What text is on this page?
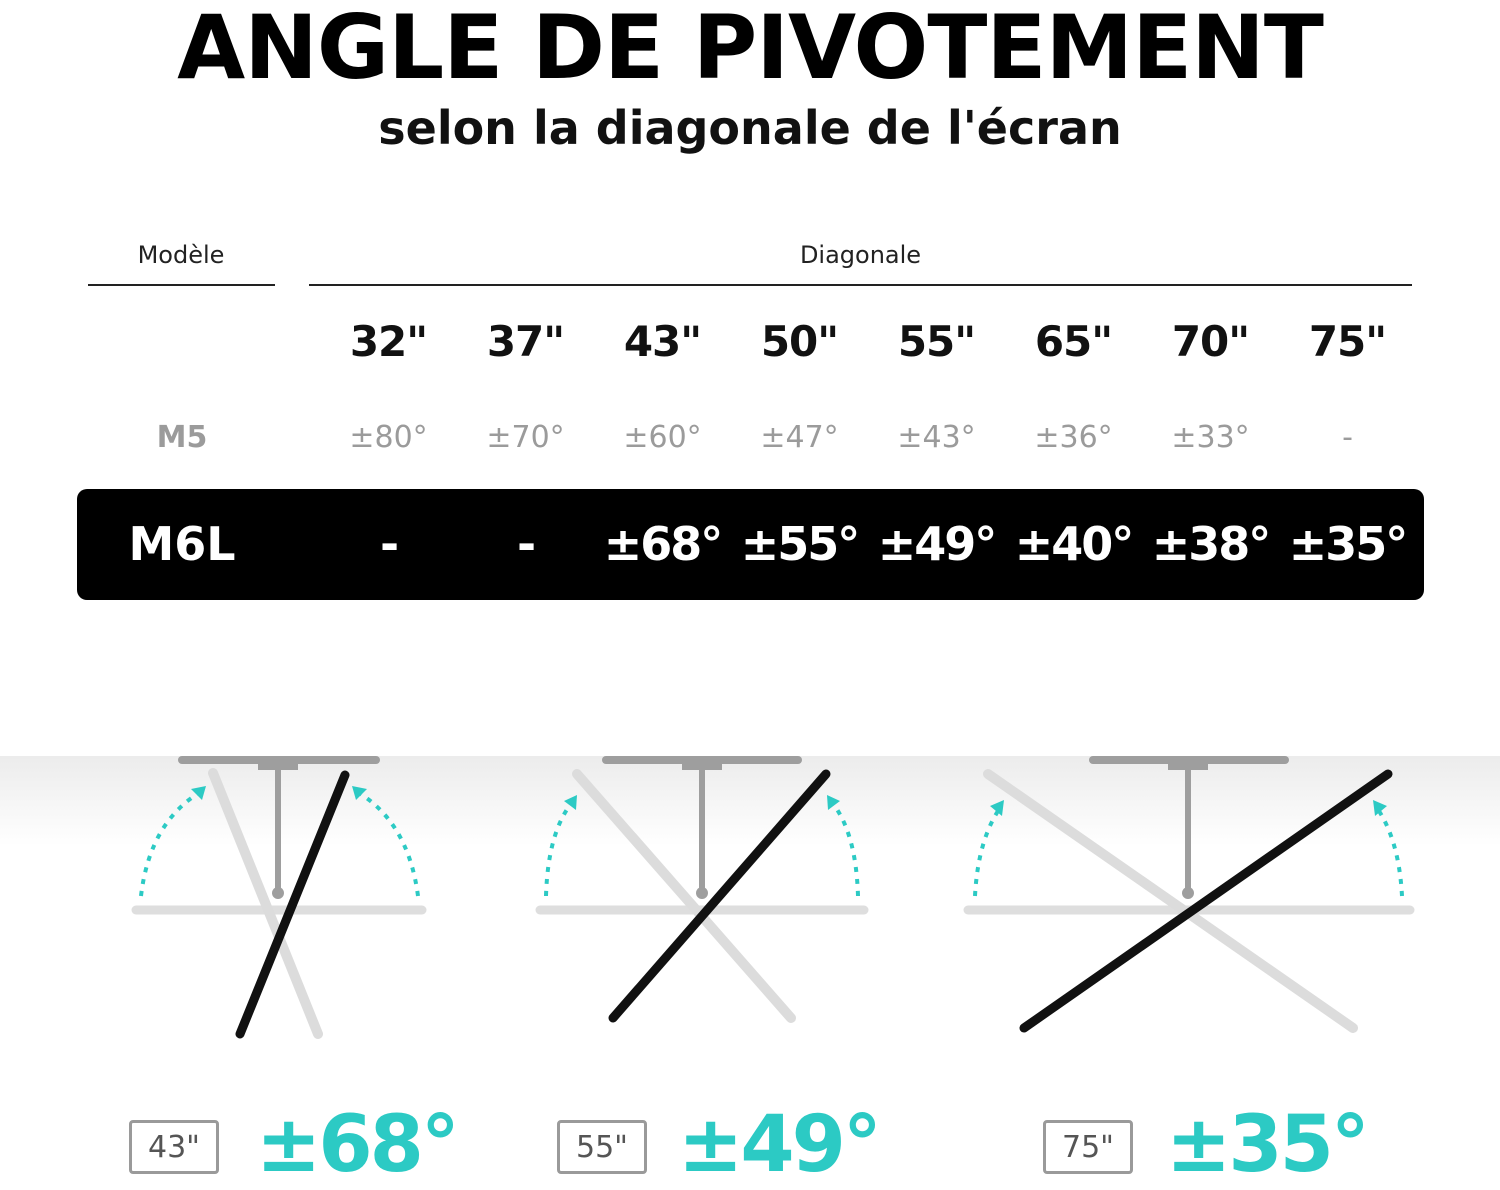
ANGLE DE PIVOTEMENT
selon la diagonale de l'écran
Modèle	Diagonale
32"	37"	43"	50"	55"	65"	70"	75"
M5	±80°	±70°	±60°	±47°	±43°	±36°	±33°	-
M6L	-	-	±68° ±55° ±49° ±40° ±38° ±35°
43" ±68°	55" ±49°	75" ±35°
